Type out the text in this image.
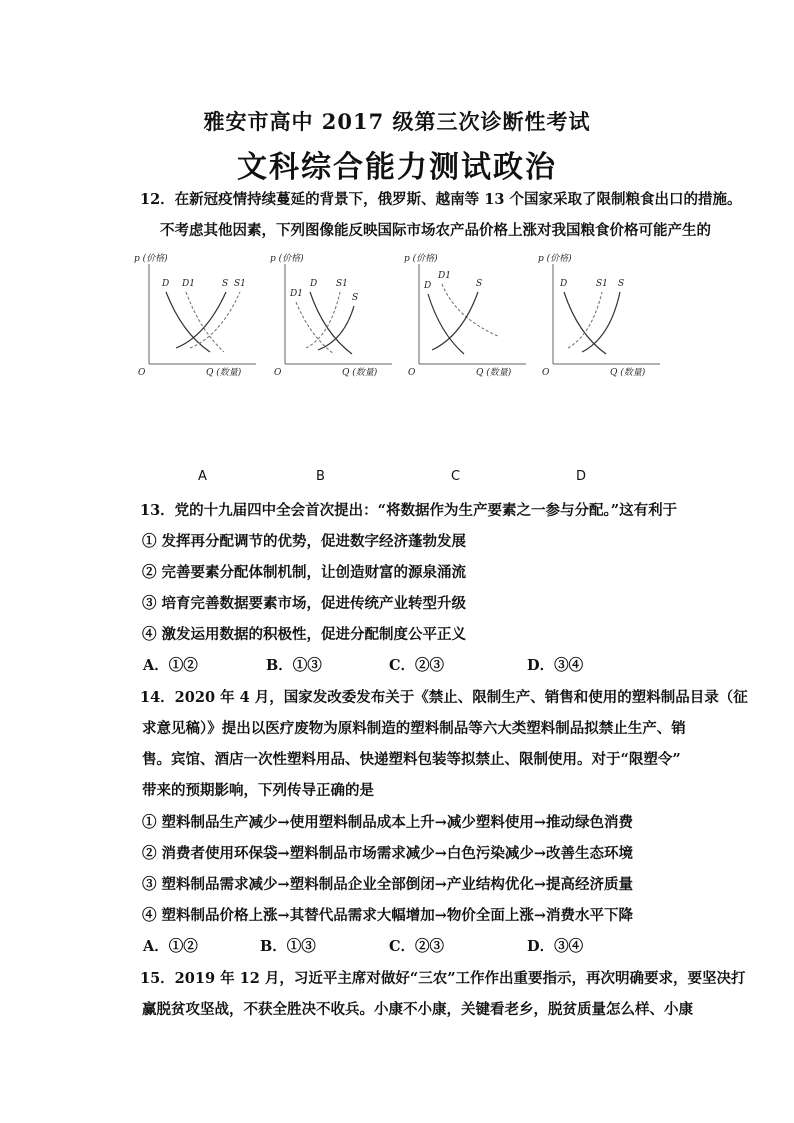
雅安市高中 2017 级第三次诊断性考试
文科综合能力测试政治
12．在新冠疫情持续蔓延的背景下，俄罗斯、越南等 13 个国家采取了限制粮食出口的措施。
不考虑其他因素，下列图像能反映国际市场农产品价格上涨对我国粮食价格可能产生的
p (价格)
O	Q (数量)
D D1	S S1
p (价格)
O	Q (数量)
D1
D S1
S
p (价格)
O	Q (数量)
D
D1
S
p (价格)
O	Q (数量)
D	S1 S
A	B	C	D
13．党的十九届四中全会首次提出：“将数据作为生产要素之一参与分配。”这有利于
① 发挥再分配调节的优势，促进数字经济蓬勃发展
② 完善要素分配体制机制，让创造财富的源泉涌流
③ 培育完善数据要素市场，促进传统产业转型升级
④ 激发运用数据的积极性，促进分配制度公平正义
A．①②	B．①③	C．②③	D．③④
14．2020 年 4 月，国家发改委发布关于《禁止、限制生产、销售和使用的塑料制品目录（征
求意见稿）》提出以医疗废物为原料制造的塑料制品等六大类塑料制品拟禁止生产、销
售。宾馆、酒店一次性塑料用品、快递塑料包装等拟禁止、限制使用。对于“限塑令”
带来的预期影响，下列传导正确的是
① 塑料制品生产减少→使用塑料制品成本上升→减少塑料使用→推动绿色消费
② 消费者使用环保袋→塑料制品市场需求减少→白色污染减少→改善生态环境
③ 塑料制品需求减少→塑料制品企业全部倒闭→产业结构优化→提高经济质量
④ 塑料制品价格上涨→其替代品需求大幅增加→物价全面上涨→消费水平下降
A．①②	B．①③	C．②③	D．③④
15．2019 年 12 月，习近平主席对做好“三农”工作作出重要指示，再次明确要求，要坚决打
赢脱贫攻坚战，不获全胜决不收兵。小康不小康，关键看老乡，脱贫质量怎么样、小康
